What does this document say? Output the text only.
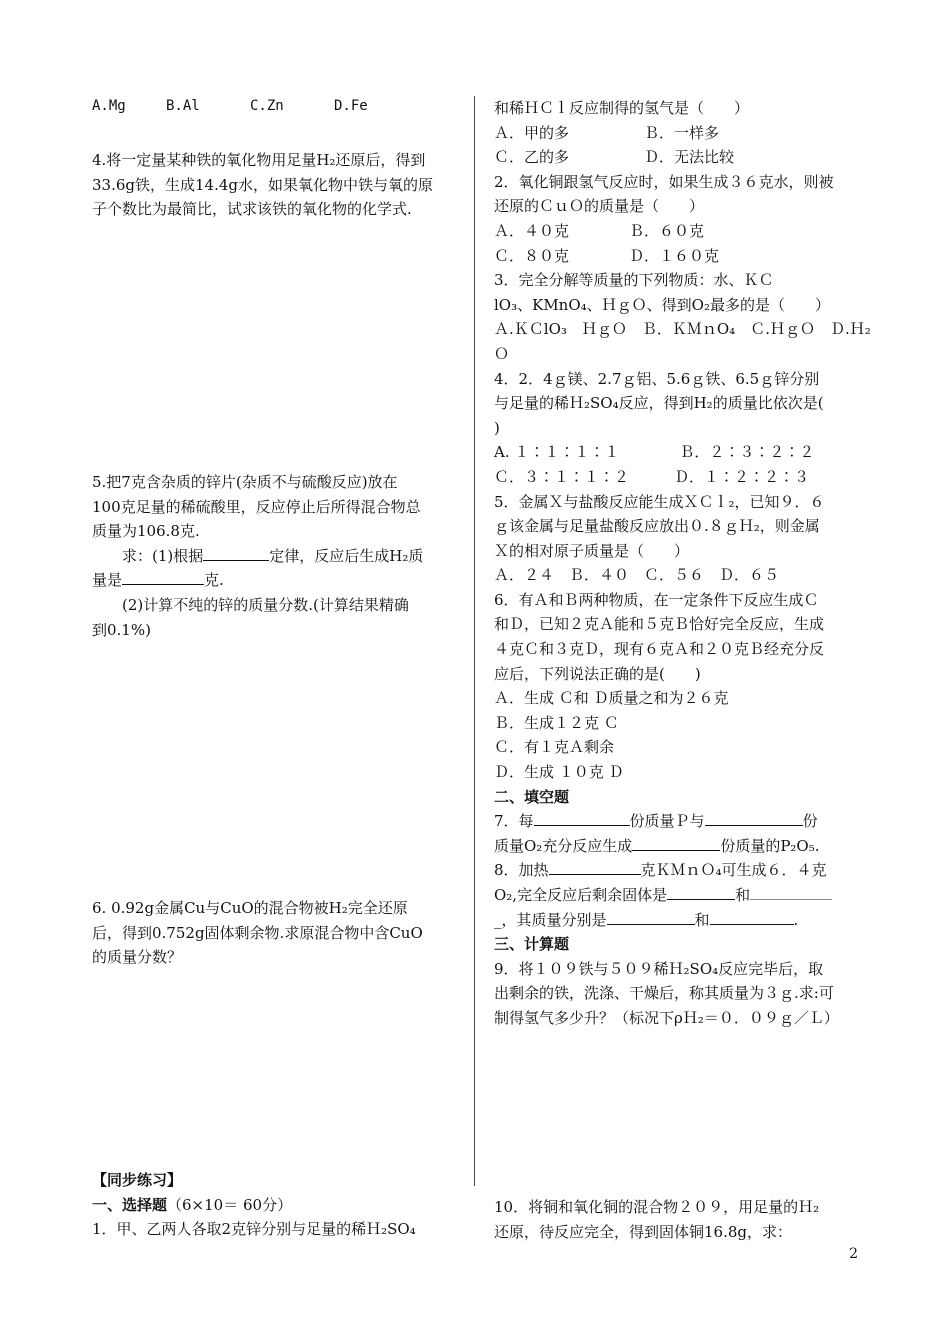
A.Mg	B.Al	C.Zn	D.Fe
4.将一定量某种铁的氧化物用足量H₂还原后，得到
33.6g铁，生成14.4g水，如果氧化物中铁与氧的原
子个数比为最简比，试求该铁的氧化物的化学式.
5.把7克含杂质的锌片(杂质不与硫酸反应)放在
100克足量的稀硫酸里，反应停止后所得混合物总
质量为106.8克.
求：(1)根据	定律，反应后生成H₂质
量是	克.
(2)计算不纯的锌的质量分数.(计算结果精确
到0.1%)
6. 0.92g金属Cu与CuO的混合物被H₂完全还原
后，得到0.752g固体剩余物.求原混合物中含CuO
的质量分数？
【同步练习】
一、选择题（6×10＝ 60分）
1．甲、乙两人各取2克锌分别与足量的稀Ｈ₂SO₄
和稀ＨＣｌ反应制得的氢气是（　　）
Ａ．甲的多　　　　　Ｂ．一样多
Ｃ．乙的多　　　　　Ｄ．无法比较
2．氧化铜跟氢气反应时，如果生成３６克水，则被
还原的ＣｕＯ的质量是（　　）
Ａ．４０克　　　　Ｂ．６０克
Ｃ．８０克　　　　Ｄ．１６０克
3．完全分解等质量的下列物质：水、ＫＣ
lO₃、KMnO₄、ＨｇＯ、得到O₂最多的是（　　）
Ａ.ＫＣlO₃　ＨｇＯ　Ｂ．ＫＭｎO₄　Ｃ.ＨｇＯ　Ｄ.Ｈ₂
Ｏ
4．2．4ｇ镁、2.7ｇ铝、5.6ｇ铁、6.5ｇ锌分别
与足量的稀Ｈ₂SO₄反应，得到H₂的质量比依次是(
)
A. １∶１∶１∶１　　　　Ｂ．２∶３∶２∶２
Ｃ．３∶１∶１∶２　　　Ｄ．１∶２∶２∶３
5．金属Ｘ与盐酸反应能生成ＸＣｌ₂，已知９．６
ｇ该金属与足量盐酸反应放出０.８ｇＨ₂，则金属
Ｘ的相对原子质量是（　　）
Ａ．２４　Ｂ．４０　Ｃ．５６　Ｄ．６５
6．有Ａ和Ｂ两种物质，在一定条件下反应生成Ｃ
和Ｄ，已知２克Ａ能和５克Ｂ恰好完全反应，生成
４克Ｃ和３克Ｄ，现有６克Ａ和２０克Ｂ经充分反
应后，下列说法正确的是(　　)
Ａ．生成 Ｃ和 Ｄ质量之和为２６克
Ｂ．生成１２克 Ｃ
Ｃ．有１克Ａ剩余
Ｄ．生成 １０克 Ｄ
二、填空题
7．每	份质量Ｐ与	份
质量O₂充分反应生成	份质量的P₂O₅.
8．加热	克ＫＭｎＯ₄可生成６．４克
O₂,完全反应后剩余固体是	和
_，其质量分别是	和	.
三、计算题
9．将１０９铁与５０９稀Ｈ₂SO₄反应完毕后，取
出剩余的铁，洗涤、干燥后，称其质量为３ｇ.求:可
制得氢气多少升？（标况下ρＨ₂＝０．０９ｇ／Ｌ）
10．将铜和氧化铜的混合物２０９，用足量的Ｈ₂
还原，待反应完全，得到固体铜16.8g，求：
2
